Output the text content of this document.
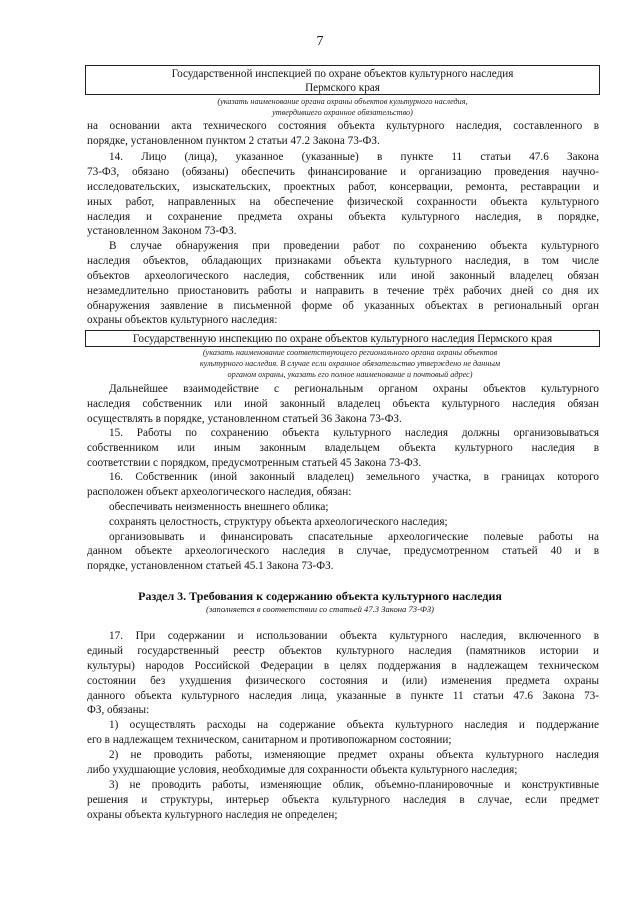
7
Государственной инспекцией по охране объектов культурного наследия
Пермского края
(указать наименование органа охраны объектов культурного наследия,
утвердившего охранное обязательство)
на основании акта технического состояния объекта культурного наследия, составленного в
порядке, установленном пунктом 2 статьи 47.2 Закона 73-ФЗ.
14. Лицо (лица), указанное (указанные) в пункте 11 статьи 47.6 Закона
73-ФЗ, обязано (обязаны) обеспечить финансирование и организацию проведения научно-
исследовательских, изыскательских, проектных работ, консервации, ремонта, реставрации и
иных работ, направленных на обеспечение физической сохранности объекта культурного
наследия и сохранение предмета охраны объекта культурного наследия, в порядке,
установленном Законом 73-ФЗ.
В случае обнаружения при проведении работ по сохранению объекта культурного
наследия объектов, обладающих признаками объекта культурного наследия, в том числе
объектов археологического наследия, собственник или иной законный владелец обязан
незамедлительно приостановить работы и направить в течение трёх рабочих дней со дня их
обнаружения заявление в письменной форме об указанных объектах в региональный орган
охраны объектов культурного наследия:
Государственную инспекцию по охране объектов культурного наследия Пермского края
(указать наименование соответствующего регионального органа охраны объектов
культурного наследия. В случае если охранное обязательство утверждено не данным
органом охраны, указать его полное наименование и почтовый адрес)
Дальнейшее взаимодействие с региональным органом охраны объектов культурного
наследия собственник или иной законный владелец объекта культурного наследия обязан
осуществлять в порядке, установленном статьей 36 Закона 73-ФЗ.
15. Работы по сохранению объекта культурного наследия должны организовываться
собственником или иным законным владельцем объекта культурного наследия в
соответствии с порядком, предусмотренным статьей 45 Закона 73-ФЗ.
16. Собственник (иной законный владелец) земельного участка, в границах которого
расположен объект археологического наследия, обязан:
обеспечивать неизменность внешнего облика;
сохранять целостность, структуру объекта археологического наследия;
организовывать и финансировать спасательные археологические полевые работы на
данном объекте археологического наследия в случае, предусмотренном статьей 40 и в
порядке, установленном статьей 45.1 Закона 73-ФЗ.
Раздел 3. Требования к содержанию объекта культурного наследия
(заполняется в соответствии со статьей 47.3 Закона 73-ФЗ)
17. При содержании и использовании объекта культурного наследия, включенного в
единый государственный реестр объектов культурного наследия (памятников истории и
культуры) народов Российской Федерации в целях поддержания в надлежащем техническом
состоянии без ухудшения физического состояния и (или) изменения предмета охраны
данного объекта культурного наследия лица, указанные в пункте 11 статьи 47.6 Закона 73-
ФЗ, обязаны:
1) осуществлять расходы на содержание объекта культурного наследия и поддержание
его в надлежащем техническом, санитарном и противопожарном состоянии;
2) не проводить работы, изменяющие предмет охраны объекта культурного наследия
либо ухудшающие условия, необходимые для сохранности объекта культурного наследия;
3) не проводить работы, изменяющие облик, объемно-планировочные и конструктивные
решения и структуры, интерьер объекта культурного наследия в случае, если предмет
охраны объекта культурного наследия не определен;
